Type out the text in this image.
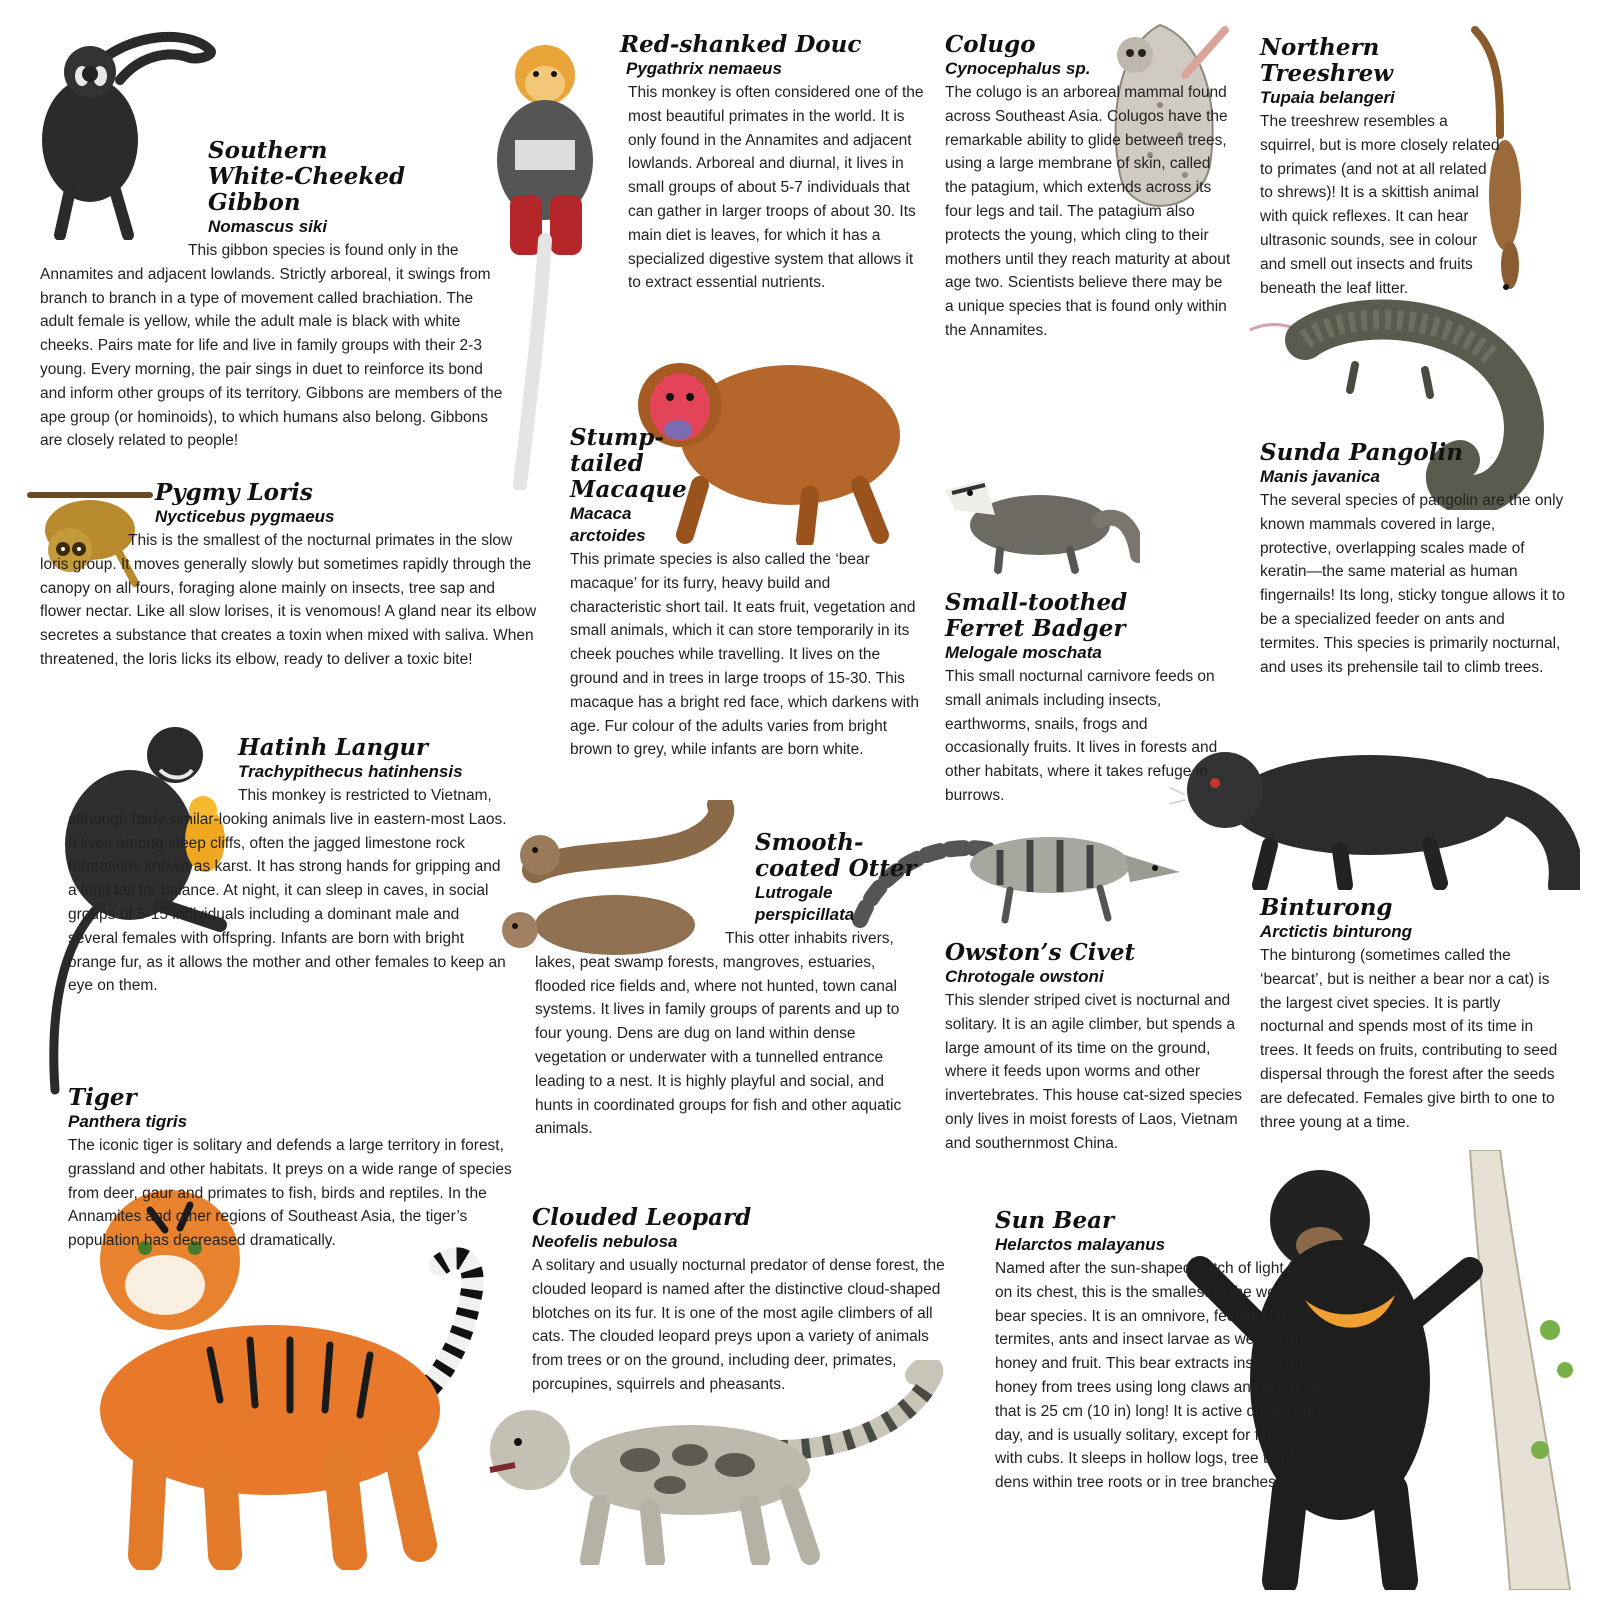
Southern
White-Cheeked Gibbon
Nomascus siki
This gibbon species is found only in the Annamites and adjacent lowlands. Strictly arboreal, it swings from branch to branch in a type of movement called brachiation. The adult female is yellow, while the adult male is black with white cheeks. Pairs mate for life and live in family groups with their 2-3 young. Every morning, the pair sings in duet to reinforce its bond and inform other groups of its territory. Gibbons are members of the ape group (or hominoids), to which humans also belong. Gibbons are closely related to people!
Red-shanked Douc
Pygathrix nemaeus
This monkey is often considered one of the most beautiful primates in the world. It is only found in the Annamites and adjacent lowlands. Arboreal and diurnal, it lives in small groups of about 5-7 individuals that can gather in larger troops of about 30. Its main diet is leaves, for which it has a specialized digestive system that allows it to extract essential nutrients.
Colugo
Cynocephalus sp.
The colugo is an arboreal mammal found across Southeast Asia. Colugos have the remarkable ability to glide between trees, using a large membrane of skin, called the patagium, which extends across its four legs and tail. The patagium also protects the young, which cling to their mothers until they reach maturity at about age two. Scientists believe there may be a unique species that is found only within the Annamites.
Northern
Treeshrew
Tupaia belangeri
The treeshrew resembles a squirrel, but is more closely related to primates (and not at all related to shrews)! It is a skittish animal with quick reflexes. It can hear ultrasonic sounds, see in colour and smell out insects and fruits beneath the leaf litter.
Pygmy Loris
Nycticebus pygmaeus
This is the smallest of the nocturnal primates in the slow loris group. It moves generally slowly but sometimes rapidly through the canopy on all fours, foraging alone mainly on insects, tree sap and flower nectar. Like all slow lorises, it is venomous! A gland near its elbow secretes a substance that creates a toxin when mixed with saliva. When threatened, the loris licks its elbow, ready to deliver a toxic bite!
Stump-
tailed
Macaque
Macaca
arctoides
This primate species is also called the ‘bear macaque’ for its furry, heavy build and characteristic short tail. It eats fruit, vegetation and small animals, which it can store temporarily in its cheek pouches while travelling. It lives on the ground and in trees in large troops of 15-30. This macaque has a bright red face, which darkens with age. Fur colour of the adults varies from bright brown to grey, while infants are born white.
Small-toothed
Ferret Badger
Melogale moschata
This small nocturnal carnivore feeds on small animals including insects, earthworms, snails, frogs and occasionally fruits. It lives in forests and other habitats, where it takes refuge in burrows.
Sunda Pangolin
Manis javanica
The several species of pangolin are the only known mammals covered in large, protective, overlapping scales made of keratin—the same material as human fingernails! Its long, sticky tongue allows it to be a specialized feeder on ants and termites. This species is primarily nocturnal, and uses its prehensile tail to climb trees.
Hatinh Langur
Trachypithecus hatinhensis
This monkey is restricted to Vietnam, although fairly similar-looking animals live in eastern-most Laos. It lives among steep cliffs, often the jagged limestone rock formations known as karst. It has strong hands for gripping and a long tail for balance. At night, it can sleep in caves, in social groups of 5-15 individuals including a dominant male and several females with offspring. Infants are born with bright orange fur, as it allows the mother and other females to keep an eye on them.
Smooth-
coated Otter
Lutrogale
perspicillata
This otter inhabits rivers, lakes, peat swamp forests, mangroves, estuaries, flooded rice fields and, where not hunted, town canal systems. It lives in family groups of parents and up to four young. Dens are dug on land within dense vegetation or underwater with a tunnelled entrance leading to a nest. It is highly playful and social, and hunts in coordinated groups for fish and other aquatic animals.
Owston’s Civet
Chrotogale owstoni
This slender striped civet is nocturnal and solitary. It is an agile climber, but spends a large amount of its time on the ground, where it feeds upon worms and other invertebrates. This house cat-sized species only lives in moist forests of Laos, Vietnam and southernmost China.
Binturong
Arctictis binturong
The binturong (sometimes called the ‘bearcat’, but is neither a bear nor a cat) is the largest civet species. It is partly nocturnal and spends most of its time in trees. It feeds on fruits, contributing to seed dispersal through the forest after the seeds are defecated. Females give birth to one to three young at a time.
Tiger
Panthera tigris
The iconic tiger is solitary and defends a large territory in forest, grassland and other habitats. It preys on a wide range of species from deer, gaur and primates to fish, birds and reptiles. In the Annamites and other regions of Southeast Asia, the tiger’s population has decreased dramatically.
Clouded Leopard
Neofelis nebulosa
A solitary and usually nocturnal predator of dense forest, the clouded leopard is named after the distinctive cloud-shaped blotches on its fur. It is one of the most agile climbers of all cats. The clouded leopard preys upon a variety of animals from trees or on the ground, including deer, primates, porcupines, squirrels and pheasants.
Sun Bear
Helarctos malayanus
Named after the sun-shaped patch of light fur on its chest, this is the smallest of the world’s bear species. It is an omnivore, feeding on termites, ants and insect larvae as well as on honey and fruit. This bear extracts insects and honey from trees using long claws and a tongue that is 25 cm (10 in) long! It is active during the day, and is usually solitary, except for females with cubs. It sleeps in hollow logs, tree trunks, dens within tree roots or in tree branches.
